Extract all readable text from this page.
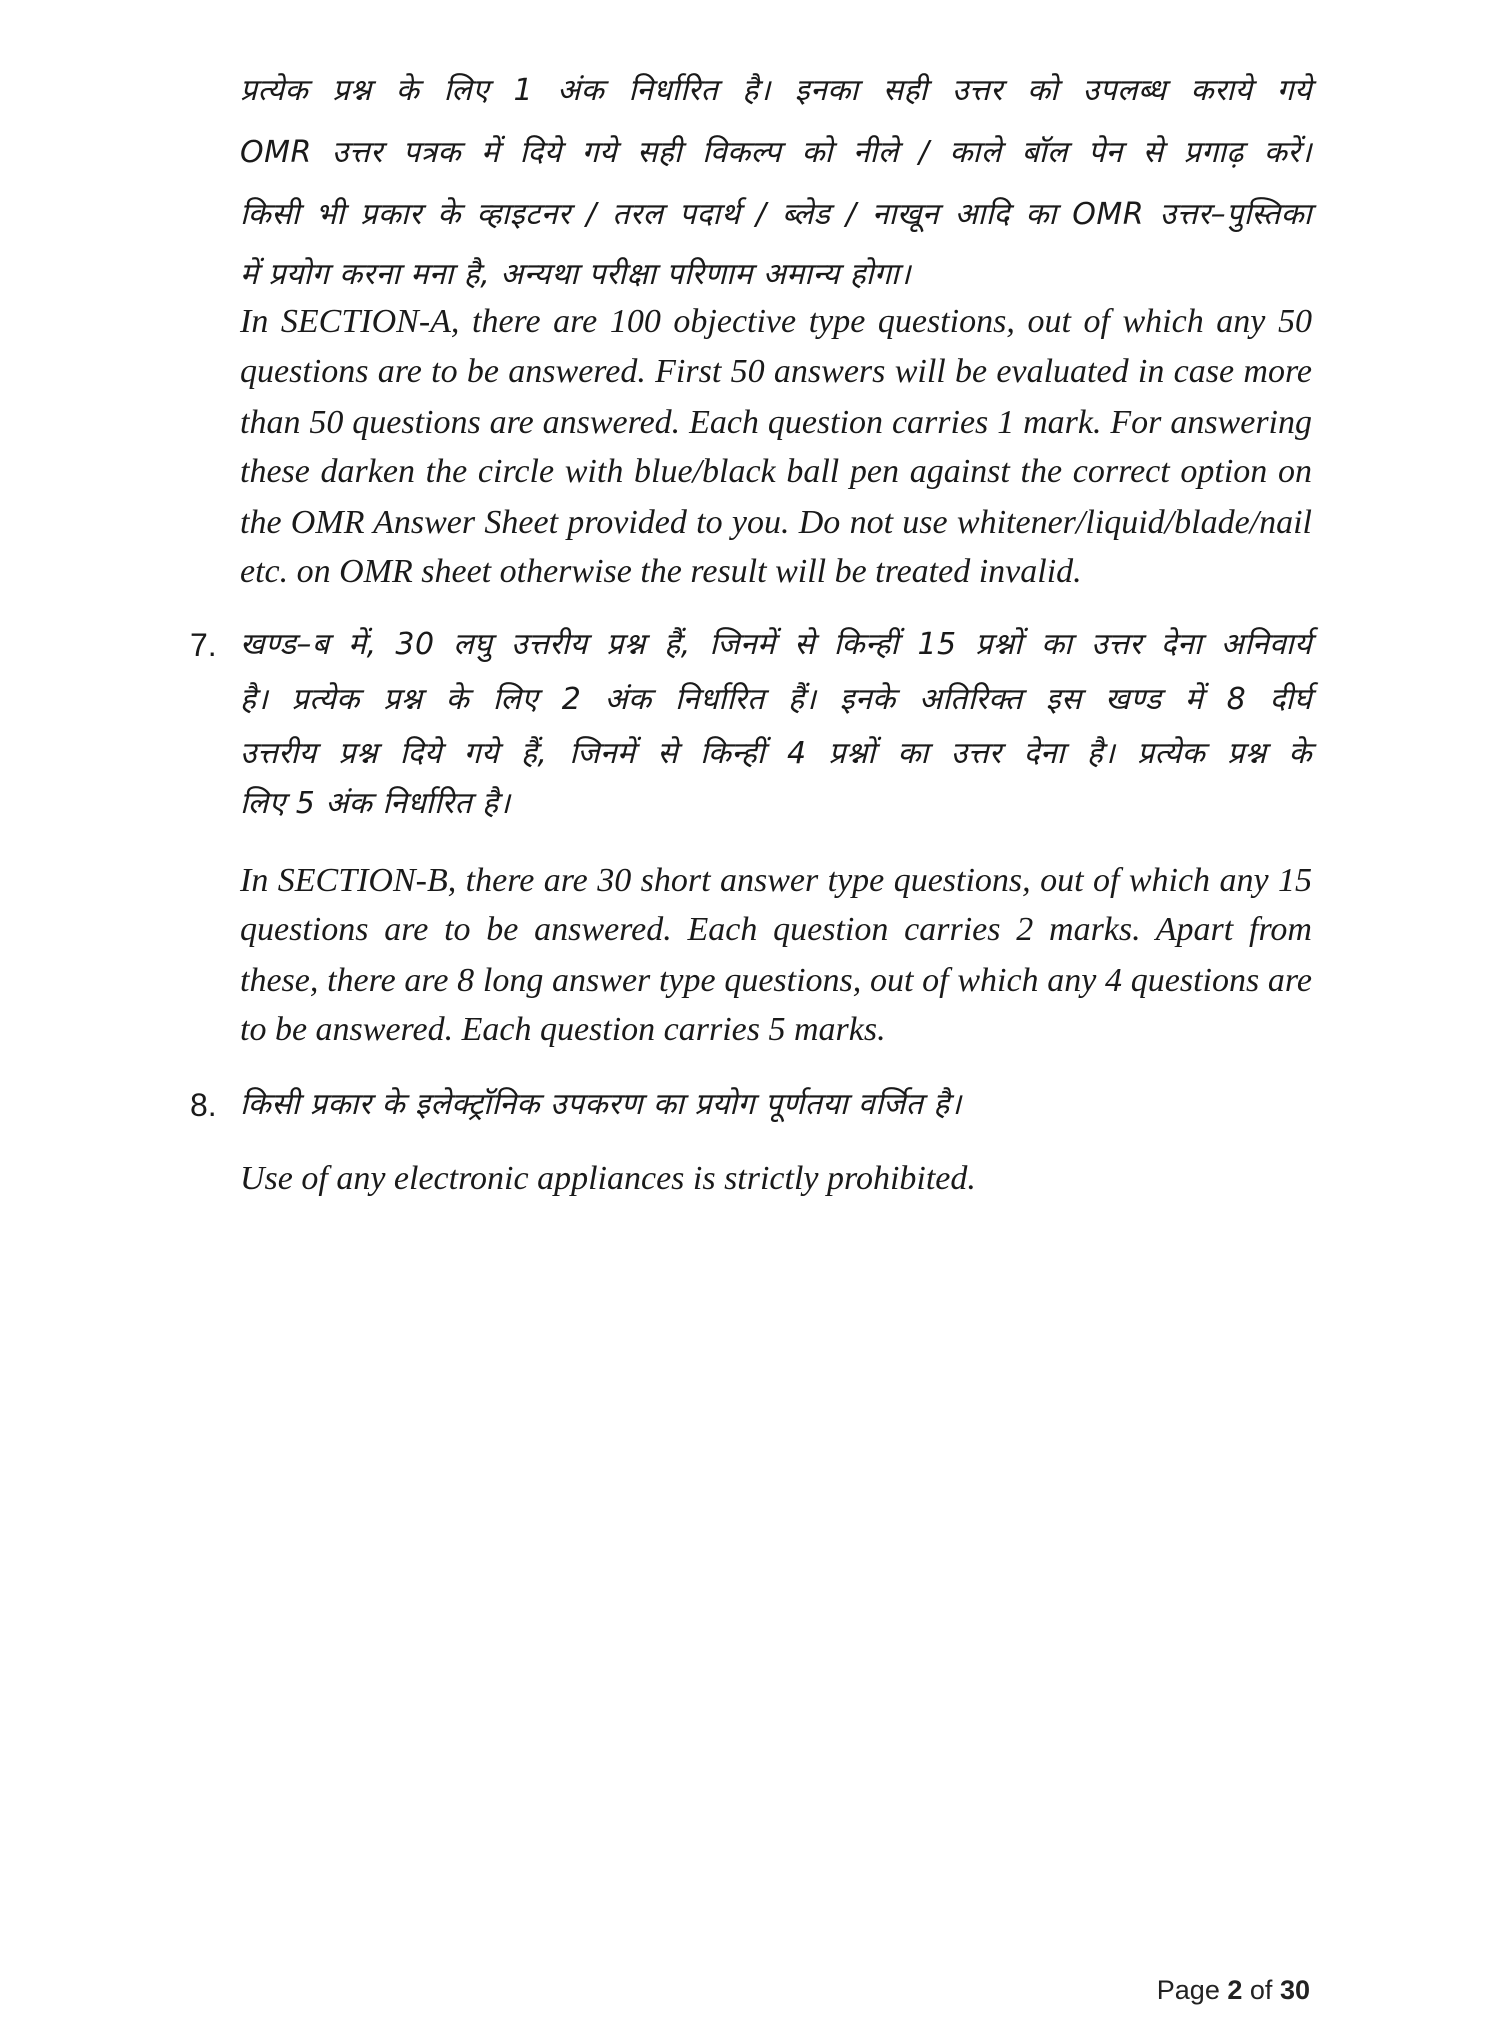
प्रत्येक प्रश्न के लिए 1 अंक निर्धारित है। इनका सही उत्तर को उपलब्ध कराये गये
OMR उत्तर पत्रक में दिये गये सही विकल्प को नीले / काले बॉल पेन से प्रगाढ़ करें।
किसी भी प्रकार के व्हाइटनर / तरल पदार्थ / ब्लेड / नाखून आदि का OMR उत्तर–पुस्तिका
में प्रयोग करना मना है, अन्यथा परीक्षा परिणाम अमान्य होगा।
In SECTION-A, there are 100 objective type questions, out of which any 50
questions are to be answered. First 50 answers will be evaluated in case more
than 50 questions are answered. Each question carries 1 mark. For answering
these darken the circle with blue/black ball pen against the correct option on
the OMR Answer Sheet provided to you. Do not use whitener/liquid/blade/nail
etc. on OMR sheet otherwise the result will be treated invalid.
7. खण्ड–ब में, 30 लघु उत्तरीय प्रश्न हैं, जिनमें से किन्हीं 15 प्रश्नों का उत्तर देना अनिवार्य
है। प्रत्येक प्रश्न के लिए 2 अंक निर्धारित हैं। इनके अतिरिक्त इस खण्ड में 8 दीर्घ
उत्तरीय प्रश्न दिये गये हैं, जिनमें से किन्हीं 4 प्रश्नों का उत्तर देना है। प्रत्येक प्रश्न के
लिए 5 अंक निर्धारित है।
In SECTION-B, there are 30 short answer type questions, out of which any 15
questions are to be answered. Each question carries 2 marks. Apart from
these, there are 8 long answer type questions, out of which any 4 questions are
to be answered. Each question carries 5 marks.
8. किसी प्रकार के इलेक्ट्रॉनिक उपकरण का प्रयोग पूर्णतया वर्जित है।
Use of any electronic appliances is strictly prohibited.
Page 2 of 30
